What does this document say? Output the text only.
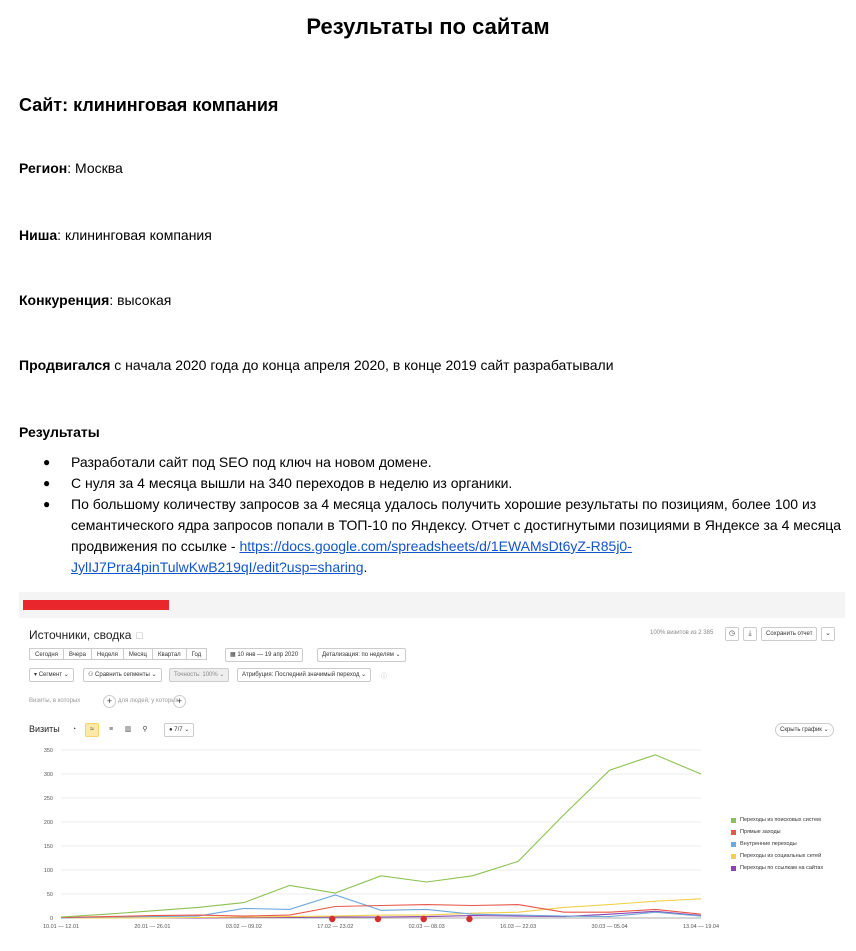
Результаты по сайтам
Сайт: клининговая компания
Регион: Москва
Ниша: клининговая компания
Конкуренция: высокая
Продвигался с начала 2020 года до конца апреля 2020, в конце 2019 сайт разрабатывали
Результаты
● Разработали сайт под SEO под ключ на новом домене.
● С нуля за 4 месяца вышли на 340 переходов в неделю из органики.
● По большому количеству запросов за 4 месяца удалось получить хорошие результаты по позициям, более 100 из семантического ядра запросов попали в ТОП-10 по Яндексу. Отчет с достигнутыми позициями в Яндексе за 4 месяца продвижения по ссылке - https://docs.google.com/spreadsheets/d/1EWAMsDt6yZ-R85j0-JylIJ7Prra4pinTulwKwB219qI/edit?usp=sharing.
Источники, сводка ☐	100% визитов из 2 385	◷	⤓	Сохранить отчет	⌄
Сегодня	Вчера	Неделя	Месяц	Квартал	Год	▦ 10 янв — 19 апр 2020	Детализация: по неделям ⌄
▾ Сегмент ⌄	⚇ Сравнить сегменты ⌄	Точность: 100% ⌄	Атрибуция: Последний значимый переход ⌄	ⓘ
Визиты, в которых	+ для людей, у которых
+
Визиты	◔	≈	≡	▥	⚲	● 7/7 ⌄	Скрыть график ⌄
0
50
100
150
200
250
300
350
10.01 — 12.01	20.01 — 26.01	03.02 — 09.02	17.02 — 23.02	02.03 — 08.03	16.03 — 22.03	30.03 — 05.04	13.04 — 19.04
Переходы из поисковых систем
Прямые заходы
Внутренние переходы
Переходы из социальных сетей
Переходы по ссылкам на сайтах
